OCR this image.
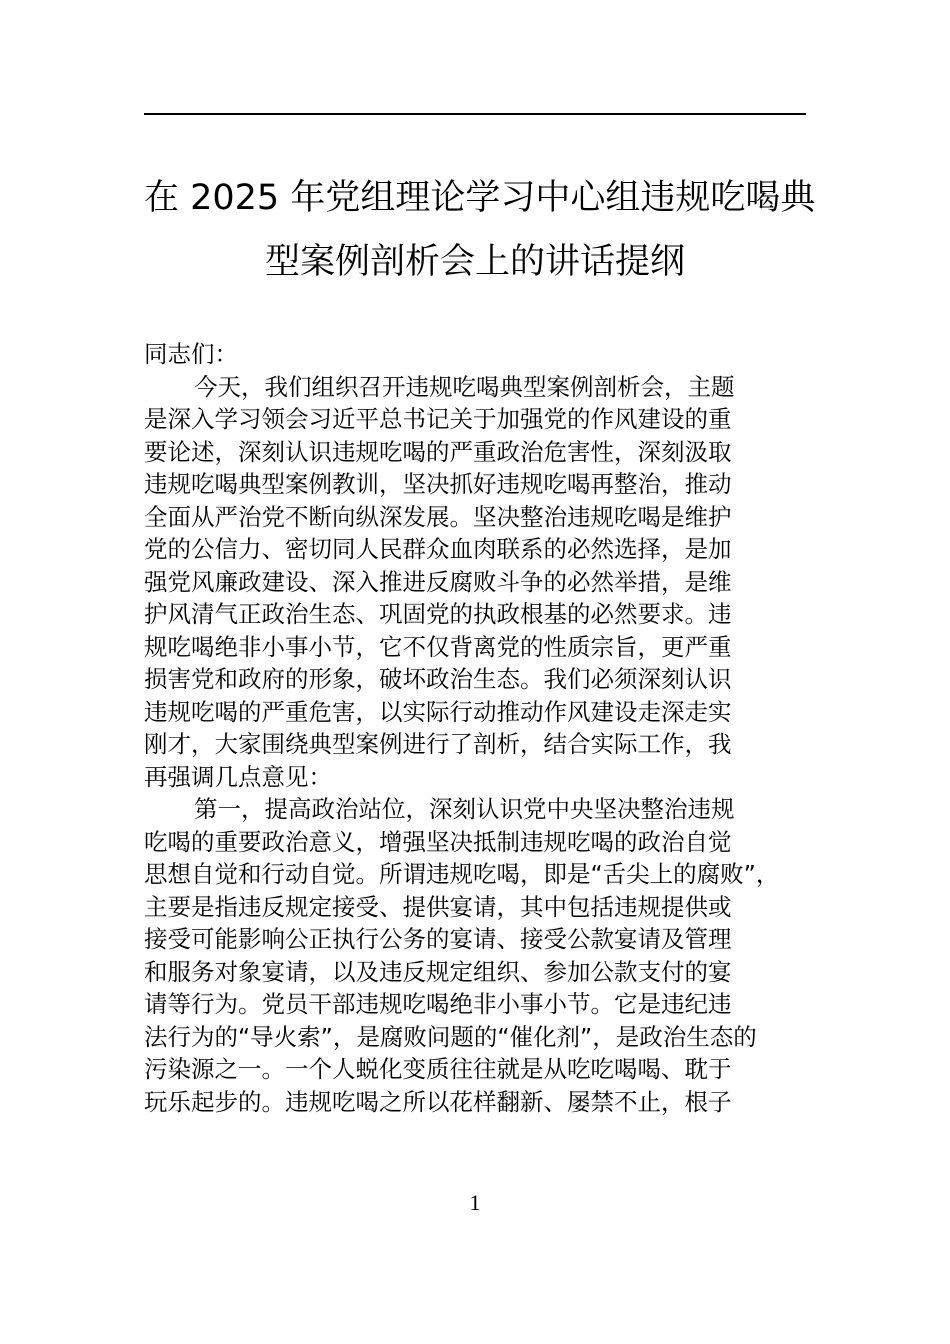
在 2025 年党组理论学习中心组违规吃喝典
型案例剖析会上的讲话提纲
同志们：
今天，我们组织召开违规吃喝典型案例剖析会，主题
是深入学习领会习近平总书记关于加强党的作风建设的重
要论述，深刻认识违规吃喝的严重政治危害性，深刻汲取
违规吃喝典型案例教训，坚决抓好违规吃喝再整治，推动
全面从严治党不断向纵深发展。坚决整治违规吃喝是维护
党的公信力、密切同人民群众血肉联系的必然选择，是加
强党风廉政建设、深入推进反腐败斗争的必然举措，是维
护风清气正政治生态、巩固党的执政根基的必然要求。违
规吃喝绝非小事小节，它不仅背离党的性质宗旨，更严重
损害党和政府的形象，破坏政治生态。我们必须深刻认识
违规吃喝的严重危害，以实际行动推动作风建设走深走实
刚才，大家围绕典型案例进行了剖析，结合实际工作，我
再强调几点意见：
第一，提高政治站位，深刻认识党中央坚决整治违规
吃喝的重要政治意义，增强坚决抵制违规吃喝的政治自觉
思想自觉和行动自觉。所谓违规吃喝，即是“舌尖上的腐败”，
主要是指违反规定接受、提供宴请，其中包括违规提供或
接受可能影响公正执行公务的宴请、接受公款宴请及管理
和服务对象宴请，以及违反规定组织、参加公款支付的宴
请等行为。党员干部违规吃喝绝非小事小节。它是违纪违
法行为的“导火索”，是腐败问题的“催化剂”，是政治生态的
污染源之一。一个人蜕化变质往往就是从吃吃喝喝、耽于
玩乐起步的。违规吃喝之所以花样翻新、屡禁不止，根子
1
